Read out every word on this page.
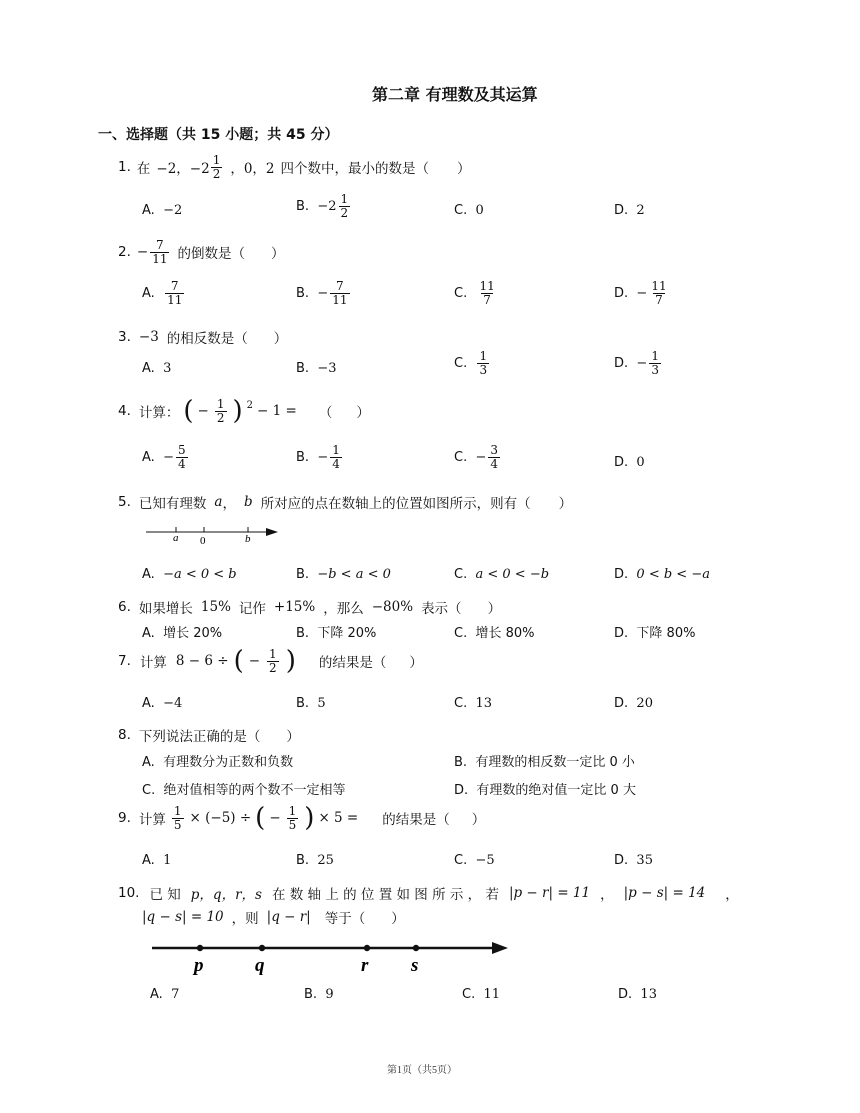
第二章 有理数及其运算
一、选择题（共 15 小题；共 45 分）
1. 在 −2，$-2 \frac{1}{2}$ ，0，2 四个数中，最小的数是（ ）
A. −2	B.
$-2 \frac{1}{2}$	C. 0	D. 2
2. − $\frac{7}{11}$ 的倒数是（ ）
A.
$\frac{7}{11}$	B.
− $\frac{7}{11}$	C.
$\frac{11}{7}$	D.
− $\frac{11}{7}$
3. −3 的相反数是（ ）
A. 3	B. −3	C.
$\frac{1}{3}$	D.
− $\frac{1}{3}$
4. 计算： ( − $\frac{1}{2}$ ) 2 − 1 = （ ）
A.
− $\frac{5}{4}$	B.
− $\frac{1}{4}$	C.
− $\frac{3}{4}$	D. 0
5. 已知有理数 a ， b 所对应的点在数轴上的位置如图所示，则有（ ）
a 0	b
A. −a < 0 < b	B. −b < a < 0	C. a < 0 < −b	D. 0 < b < −a
6. 如果增长 15% 记作 +15% ，那么 −80% 表示（ ）
A. 增长 20%	B. 下降 20%	C. 增长 80%	D. 下降 80%
7. 计算 8 − 6 ÷ ( − $\frac{1}{2}$ ) 的结果是（ ）
A. −4	B. 5	C. 13	D. 20
8. 下列说法正确的是（ ）
A. 有理数分为正数和负数	B. 有理数的相反数一定比 0 小
C. 绝对值相等的两个数不一定相等	D. 有理数的绝对值一定比 0 大
9. 计算 $\frac{1}{5} \times (-5)$ ÷ ( − $\frac{1}{5}$ ) × 5 = 的结果是（ ）
A. 1	B. 25	C. −5	D. 35
10. 已 知 p，q，r，s 在 数 轴 上 的 位 置 如 图 所 示 ， 若 |p − r| = 11 ， |p − s| = 14 ，
|q − s| = 10 ，则 |q − r| 等于（ ）
p	q	r s
A. 7	B. 9	C. 11	D. 13
第1页（共5页）
